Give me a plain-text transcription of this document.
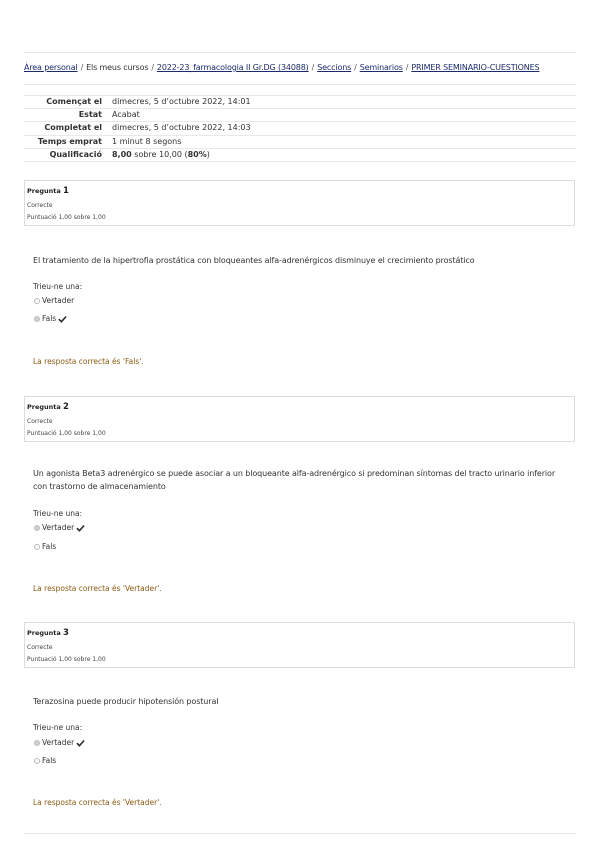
Àrea personal / Els meus cursos / 2022-23_farmacologia II Gr.DG (34088) / Seccions / Seminarios / PRIMER SEMINARIO-CUESTIONES
Començat el	dimecres, 5 d’octubre 2022, 14:01
Estat	Acabat
Completat el	dimecres, 5 d’octubre 2022, 14:03
Temps emprat	1 minut 8 segons
Qualificació	8,00 sobre 10,00 (80%)
Pregunta 1
Correcte
Puntuació 1,00 sobre 1,00
El tratamiento de la hipertrofia prostática con bloqueantes alfa-adrenérgicos disminuye el crecimiento prostático
Trieu-ne una:
Vertader
Fals
La resposta correcta és 'Fals'.
Pregunta 2
Correcte
Puntuació 1,00 sobre 1,00
Un agonista Beta3 adrenérgico se puede asociar a un bloqueante alfa-adrenérgico si predominan síntomas del tracto urinario inferior con trastorno de almacenamiento
Trieu-ne una:
Vertader
Fals
La resposta correcta és 'Vertader'.
Pregunta 3
Correcte
Puntuació 1,00 sobre 1,00
Terazosina puede producir hipotensión postural
Trieu-ne una:
Vertader
Fals
La resposta correcta és 'Vertader'.
